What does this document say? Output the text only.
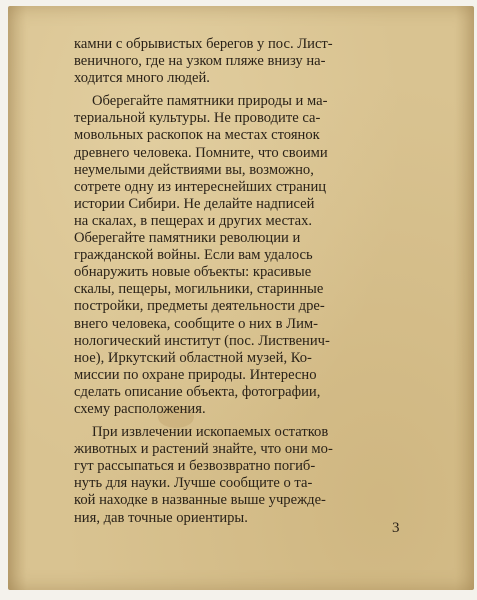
камни с обрывистых берегов у пос. Лист-
веничного, где на узком пляже внизу на-
ходится много людей.
Оберегайте памятники природы и ма-
териальной культуры. Не проводите са-
мовольных раскопок на местах стоянок
древнего человека. Помните, что своими
неумелыми действиями вы, возможно,
сотрете одну из интереснейших страниц
истории Сибири. Не делайте надписей
на скалах, в пещерах и других местах.
Оберегайте памятники революции и
гражданской войны. Если вам удалось
обнаружить новые объекты: красивые
скалы, пещеры, могильники, старинные
постройки, предметы деятельности дре-
внего человека, сообщите о них в Лим-
нологический институт (пос. Лиственич-
ное), Иркутский областной музей, Ко-
миссии по охране природы. Интересно
сделать описание объекта, фотографии,
схему расположения.
При извлечении ископаемых остатков
животных и растений знайте, что они мо-
гут рассыпаться и безвозвратно погиб-
нуть для науки. Лучше сообщите о та-
кой находке в названные выше учрежде-
ния, дав точные ориентиры.
3
